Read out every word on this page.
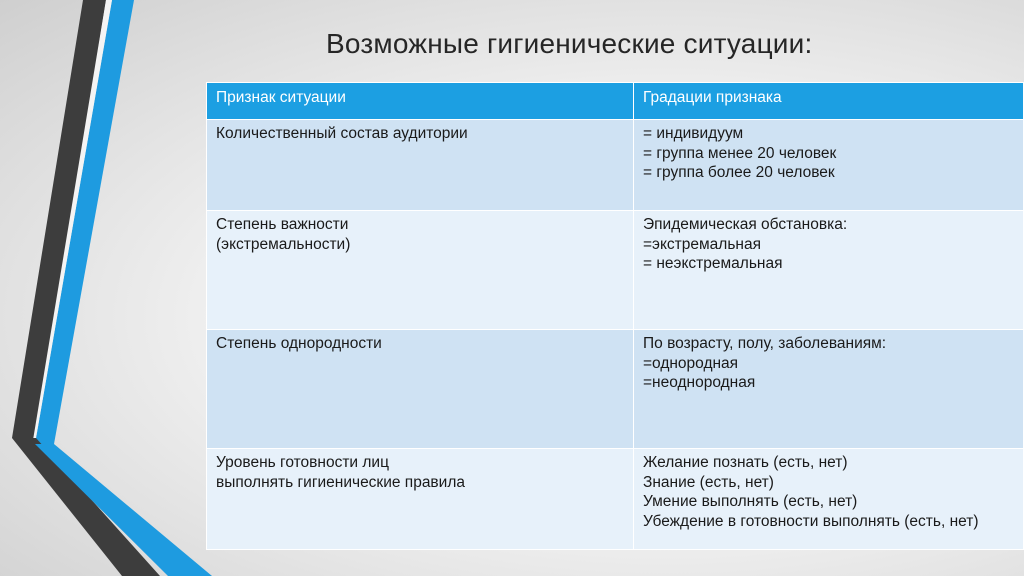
Возможные гигиенические ситуации:
Признак ситуации	Градации признака

Количественный состав аудитории	= индивидуум
= группа менее 20 человек
= группа более 20 человек

Степень важности
(экстремальности)	Эпидемическая обстановка:
=экстремальная
= неэкстремальная

Степень однородности	По возрасту, полу, заболеваниям:
=однородная
=неоднородная

Уровень готовности лиц
выполнять гигиенические правила	Желание познать (есть, нет)
Знание (есть, нет)
Умение выполнять (есть, нет)
Убеждение в готовности выполнять (есть, нет)
